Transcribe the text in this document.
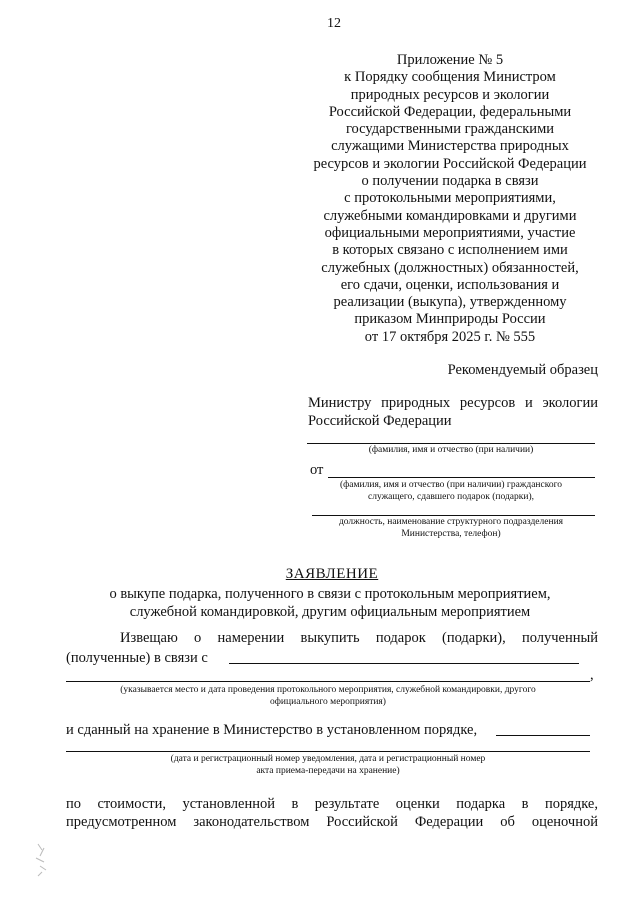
12
Приложение № 5
к Порядку сообщения Министром
природных ресурсов и экологии
Российской Федерации, федеральными
государственными гражданскими
служащими Министерства природных
ресурсов и экологии Российской Федерации
о получении подарка в связи
с протокольными мероприятиями,
служебными командировками и другими
официальными мероприятиями, участие
в которых связано с исполнением ими
служебных (должностных) обязанностей,
его сдачи, оценки, использования и
реализации (выкупа), утвержденному
приказом Минприроды России
от 17 октября 2025 г. № 555
Рекомендуемый образец
Министру природных ресурсов и экологии
Российской Федерации
(фамилия, имя и отчество (при наличии)
от
(фамилия, имя и отчество (при наличии) гражданского
служащего, сдавшего подарок (подарки),
должность, наименование структурного подразделения
Министерства, телефон)
ЗАЯВЛЕНИЕ
о выкупе подарка, полученного в связи с протокольным мероприятием,
служебной командировкой, другим официальным мероприятием
Извещаю о намерении выкупить подарок (подарки), полученный
(полученные) в связи с
,
(указывается место и дата проведения протокольного мероприятия, служебной командировки, другого
официального мероприятия)
и сданный на хранение в Министерство в установленном порядке,
(дата и регистрационный номер уведомления, дата и регистрационный номер
акта приема-передачи на хранение)
по стоимости, установленной в результате оценки подарка в порядке,
предусмотренном законодательством Российской Федерации об оценочной
